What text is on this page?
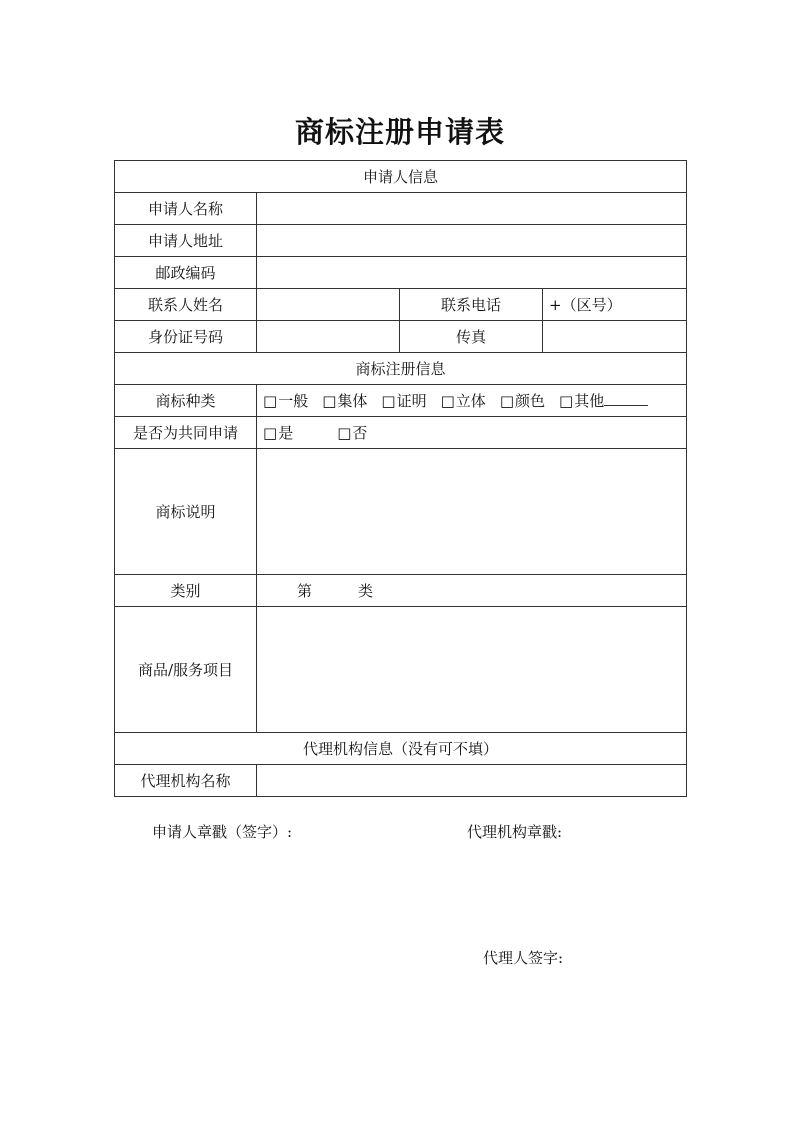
商标注册申请表
申请人信息			
申请人名称			
申请人地址			
邮政编码			
联系人姓名		联系电话	+（区号）
身份证号码		传真	
商标注册信息			
商标种类	□ 一般 □ 集体 □ 证明 □ 立体 □ 颜色 □ 其他
是否为共同申请	□ 是 □ 否
商标说明			
类别	第 类		
商品/服务项目			
代理机构信息（没有可不填）			
代理机构名称			
申请人章戳（签字）:	代理机构章戳:
代理人签字:
